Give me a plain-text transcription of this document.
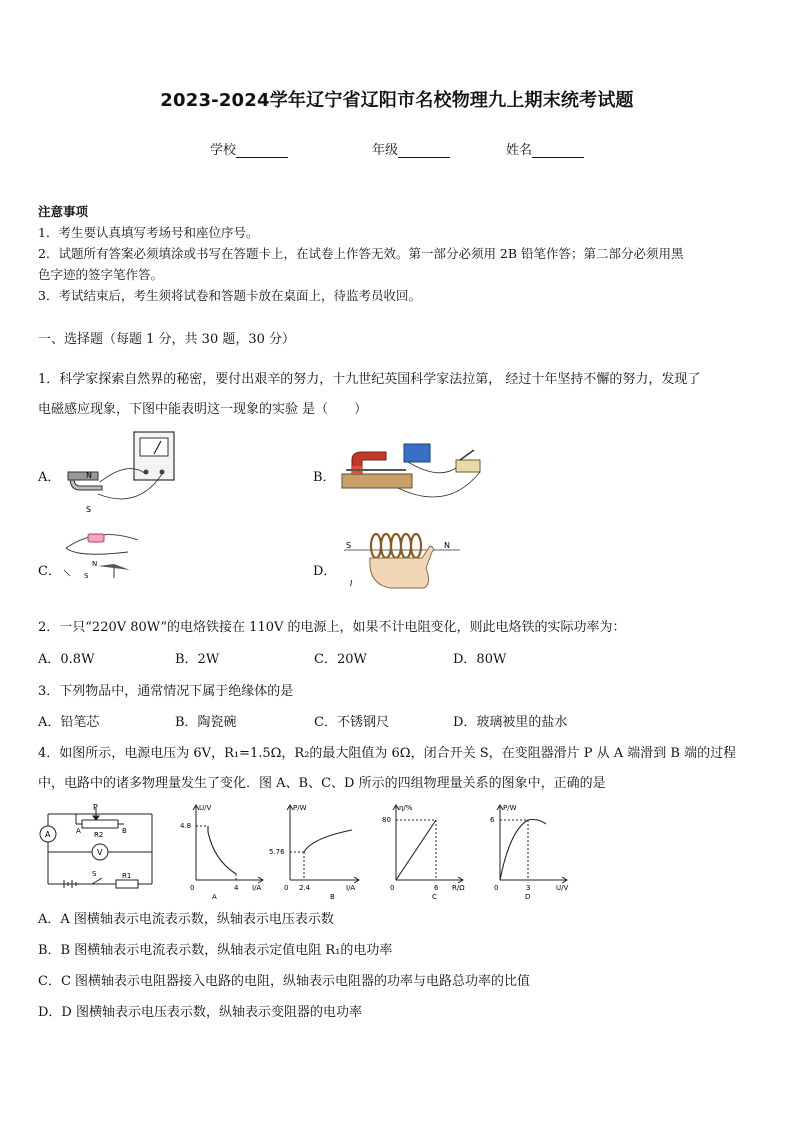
2023-2024学年辽宁省辽阳市名校物理九上期末统考试题
学校	年级	姓名
注意事项
1．考生要认真填写考场号和座位序号。
2．试题所有答案必须填涂或书写在答题卡上，在试卷上作答无效。第一部分必须用 2B 铅笔作答；第二部分必须用黑
色字迹的签字笔作答。
3．考试结束后，考生须将试卷和答题卡放在桌面上，待监考员收回。
一、选择题（每题 1 分，共 30 题，30 分）
1．科学家探索自然界的秘密，要付出艰辛的努力，十九世纪英国科学家法拉第， 经过十年坚持不懈的努力，发现了
电磁感应现象，下图中能表明这一现象的实验 是（　　）
A．	B．
C．	D．
N
S
N
S
S	N
I
2．一只“220V 80W”的电烙铁接在 110V 的电源上，如果不计电阻变化，则此电烙铁的实际功率为：
A．0.8W	B．2W	C．20W	D．80W
3．下列物品中，通常情况下属于绝缘体的是
A．铅笔芯	B．陶瓷碗	C．不锈钢尺	D．玻璃被里的盐水
4．如图所示，电源电压为 6V，R₁=1.5Ω，R₂的最大阻值为 6Ω，闭合开关 S，在变阻器滑片 P 从 A 端滑到 B 端的过程
中，电路中的诸多物理量发生了变化．图 A、B、C、D 所示的四组物理量关系的图象中，正确的是
P
A	B
R2
A
V
S	R1
U/V
I/A
4.8
4
0
A
P/W
I/A
5.76
2.4
0
B
η/%
R/Ω
80
6
0
C
P/W
U/V
6
3
0
D
A．A 图横轴表示电流表示数，纵轴表示电压表示数
B．B 图横轴表示电流表示数，纵轴表示定值电阻 R₁的电功率
C．C 图横轴表示电阻器接入电路的电阻，纵轴表示电阻器的功率与电路总功率的比值
D．D 图横轴表示电压表示数，纵轴表示变阻器的电功率
